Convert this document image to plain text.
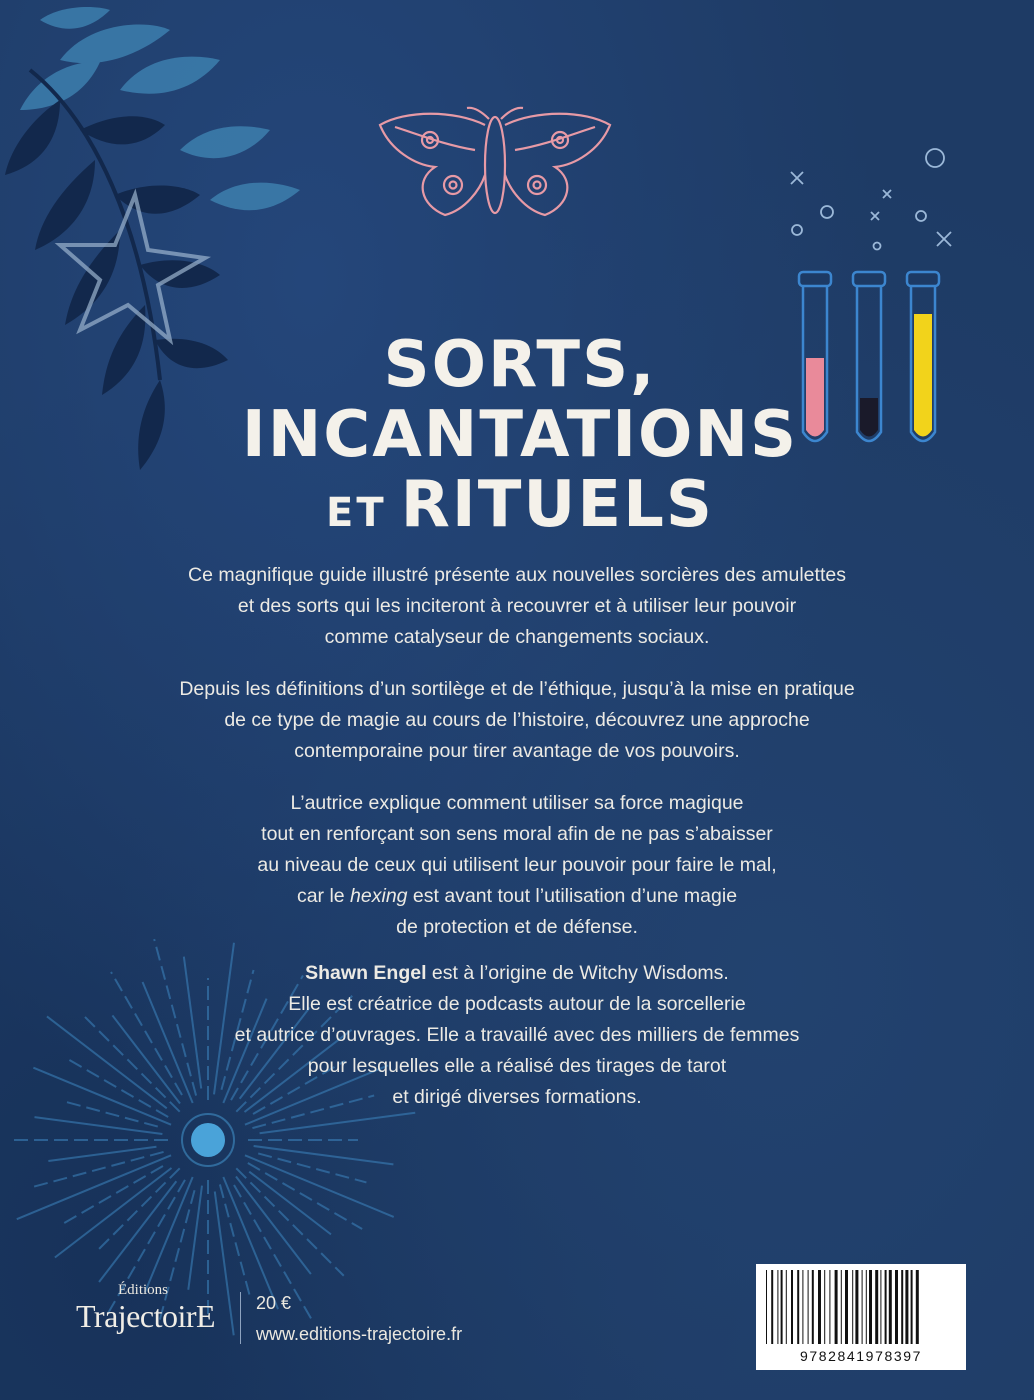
SORTS,
INCANTATIONS
ET RITUELS
Ce magnifique guide illustré présente aux nouvelles sorcières des amulettes
et des sorts qui les inciteront à recouvrer et à utiliser leur pouvoir
comme catalyseur de changements sociaux.
Depuis les définitions d’un sortilège et de l’éthique, jusqu’à la mise en pratique
de ce type de magie au cours de l’histoire, découvrez une approche
contemporaine pour tirer avantage de vos pouvoirs.
L’autrice explique comment utiliser sa force magique
tout en renforçant son sens moral afin de ne pas s’abaisser
au niveau de ceux qui utilisent leur pouvoir pour faire le mal,
car le hexing est avant tout l’utilisation d’une magie
de protection et de défense.
Shawn Engel est à l’origine de Witchy Wisdoms.
Elle est créatrice de podcasts autour de la sorcellerie
et autrice d’ouvrages. Elle a travaillé avec des milliers de femmes
pour lesquelles elle a réalisé des tirages de tarot
et dirigé diverses formations.
Éditions
TrajectoirE 20 €
www.editions-trajectoire.fr
9782841978397
